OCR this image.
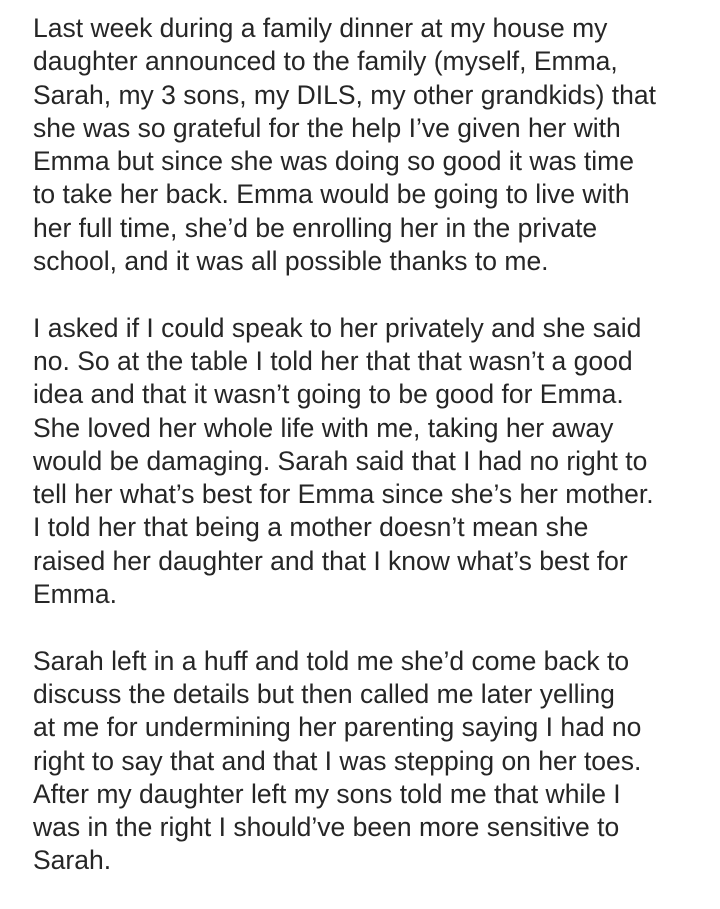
Last week during a family dinner at my house my
daughter announced to the family (myself, Emma,
Sarah, my 3 sons, my DILS, my other grandkids) that
she was so grateful for the help I’ve given her with
Emma but since she was doing so good it was time
to take her back. Emma would be going to live with
her full time, she’d be enrolling her in the private
school, and it was all possible thanks to me.
I asked if I could speak to her privately and she said
no. So at the table I told her that that wasn’t a good
idea and that it wasn’t going to be good for Emma.
She loved her whole life with me, taking her away
would be damaging. Sarah said that I had no right to
tell her what’s best for Emma since she’s her mother.
I told her that being a mother doesn’t mean she
raised her daughter and that I know what’s best for
Emma.
Sarah left in a huff and told me she’d come back to
discuss the details but then called me later yelling
at me for undermining her parenting saying I had no
right to say that and that I was stepping on her toes.
After my daughter left my sons told me that while I
was in the right I should’ve been more sensitive to
Sarah.
